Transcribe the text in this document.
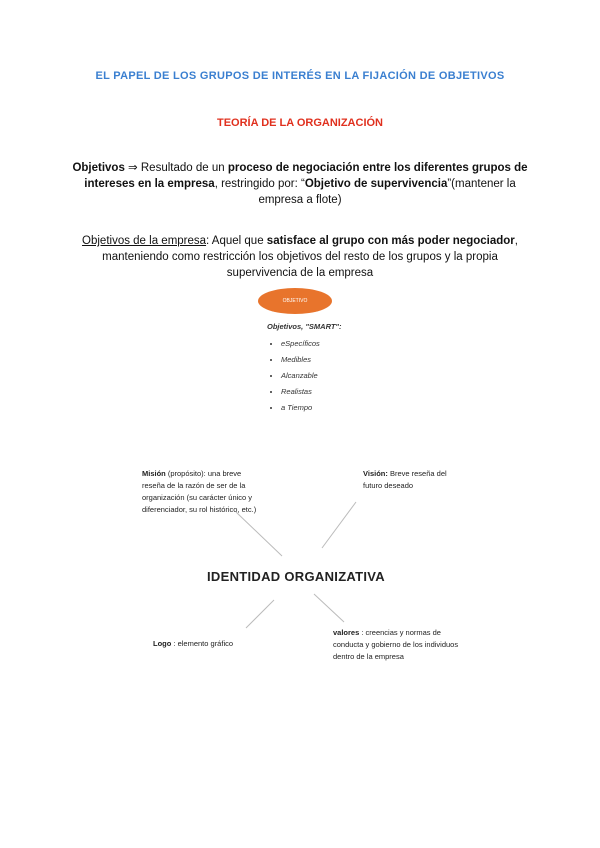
EL PAPEL DE LOS GRUPOS DE INTERÉS EN LA FIJACIÓN DE OBJETIVOS
TEORÍA DE LA ORGANIZACIÓN
Objetivos ⇒ Resultado de un proceso de negociación entre los diferentes grupos de intereses en la empresa, restringido por: “Objetivo de supervivencia”(mantener la empresa a flote)
Objetivos de la empresa: Aquel que satisface al grupo con más poder negociador, manteniendo como restricción los objetivos del resto de los grupos y la propia supervivencia de la empresa
OBJETIVO
Objetivos, "SMART":
• eSpecíficos
• Medibles
• Alcanzable
• Realistas
• a Tiempo
Misión (propósito): una breve reseña de la razón de ser de la organización (su carácter único y diferenciador, su rol histórico, etc.)
Visión: Breve reseña del futuro deseado
IDENTIDAD ORGANIZATIVA
Logo : elemento gráfico
valores : creencias y normas de conducta y gobierno de los individuos dentro de la empresa
